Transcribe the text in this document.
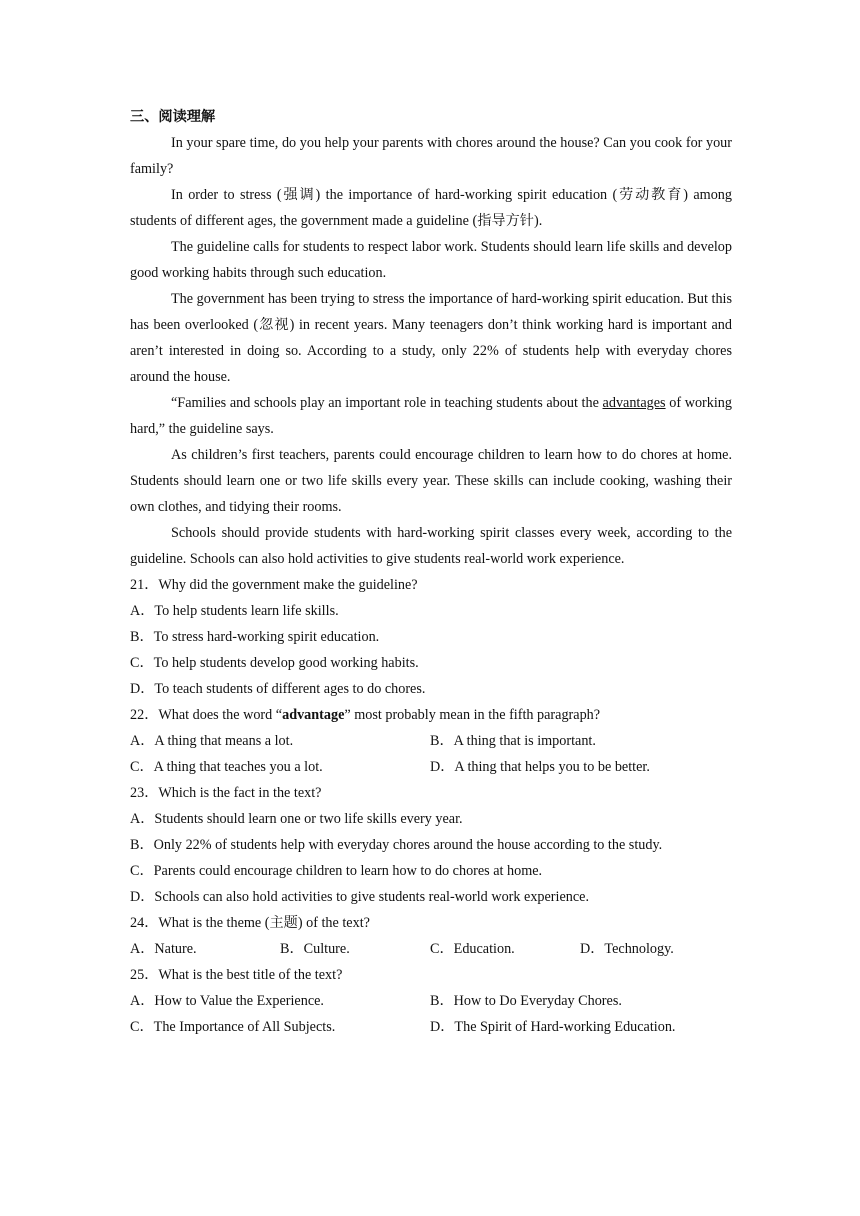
三、阅读理解

In your spare time, do you help your parents with chores around the house? Can you cook for your family?

In order to stress (强调) the importance of hard-working spirit education (劳动教育) among students of different ages, the government made a guideline (指导方针).

The guideline calls for students to respect labor work. Students should learn life skills and develop good working habits through such education.

The government has been trying to stress the importance of hard-working spirit education. But this has been overlooked (忽视) in recent years. Many teenagers don’t think working hard is important and aren’t interested in doing so. According to a study, only 22% of students help with everyday chores around the house.

“Families and schools play an important role in teaching students about the advantages of working hard,” the guideline says.

As children’s first teachers, parents could encourage children to learn how to do chores at home. Students should learn one or two life skills every year. These skills can include cooking, washing their own clothes, and tidying their rooms.

Schools should provide students with hard-working spirit classes every week, according to the guideline. Schools can also hold activities to give students real-world work experience.

21．Why did the government make the guideline?
A．To help students learn life skills.
B．To stress hard-working spirit education.
C．To help students develop good working habits.
D．To teach students of different ages to do chores.
22．What does the word “advantage” most probably mean in the fifth paragraph?
A．A thing that means a lot.	B．A thing that is important.
C．A thing that teaches you a lot.	D．A thing that helps you to be better.
23．Which is the fact in the text?
A．Students should learn one or two life skills every year.
B．Only 22% of students help with everyday chores around the house according to the study.
C．Parents could encourage children to learn how to do chores at home.
D．Schools can also hold activities to give students real-world work experience.
24．What is the theme (主题) of the text?
A．Nature.	B．Culture.	C．Education.	D．Technology.
25．What is the best title of the text?
A．How to Value the Experience.	B．How to Do Everyday Chores.
C．The Importance of All Subjects.	D．The Spirit of Hard-working Education.
